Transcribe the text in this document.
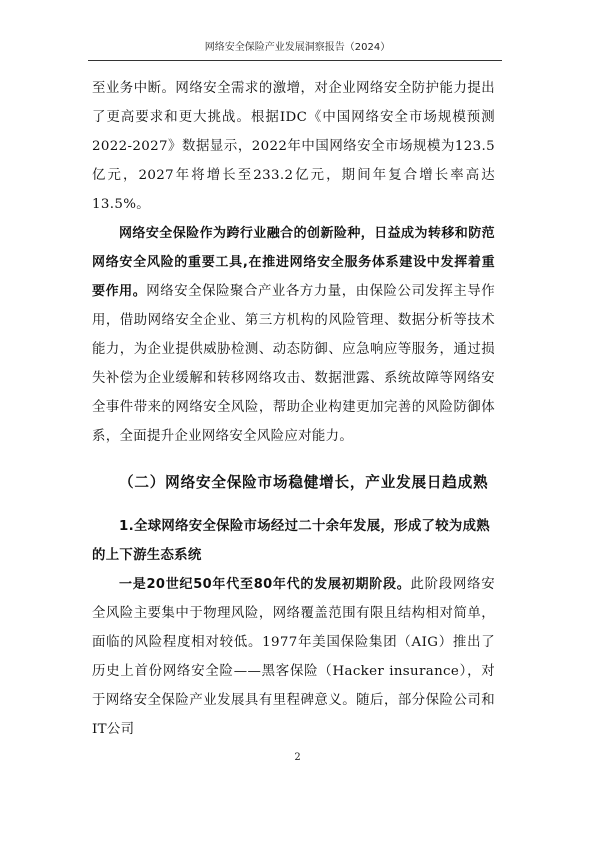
网络安全保险产业发展洞察报告（2024）

至业务中断。网络安全需求的激增，对企业网络安全防护能力提出了更高要求和更大挑战。根据IDC《中国网络安全市场规模预测2022-2027》数据显示，2022年中国网络安全市场规模为123.5亿元，2027年将增长至233.2亿元，期间年复合增长率高达13.5%。

网络安全保险作为跨行业融合的创新险种，日益成为转移和防范网络安全风险的重要工具,在推进网络安全服务体系建设中发挥着重要作用。网络安全保险聚合产业各方力量，由保险公司发挥主导作用，借助网络安全企业、第三方机构的风险管理、数据分析等技术能力，为企业提供威胁检测、动态防御、应急响应等服务，通过损失补偿为企业缓解和转移网络攻击、数据泄露、系统故障等网络安全事件带来的网络安全风险，帮助企业构建更加完善的风险防御体系，全面提升企业网络安全风险应对能力。

（二）网络安全保险市场稳健增长，产业发展日趋成熟

1.全球网络安全保险市场经过二十余年发展，形成了较为成熟的上下游生态系统

一是20世纪50年代至80年代的发展初期阶段。此阶段网络安全风险主要集中于物理风险，网络覆盖范围有限且结构相对简单，面临的风险程度相对较低。1977年美国保险集团（AIG）推出了历史上首份网络安全险——黑客保险（Hacker insurance），对于网络安全保险产业发展具有里程碑意义。随后，部分保险公司和IT公司

2
